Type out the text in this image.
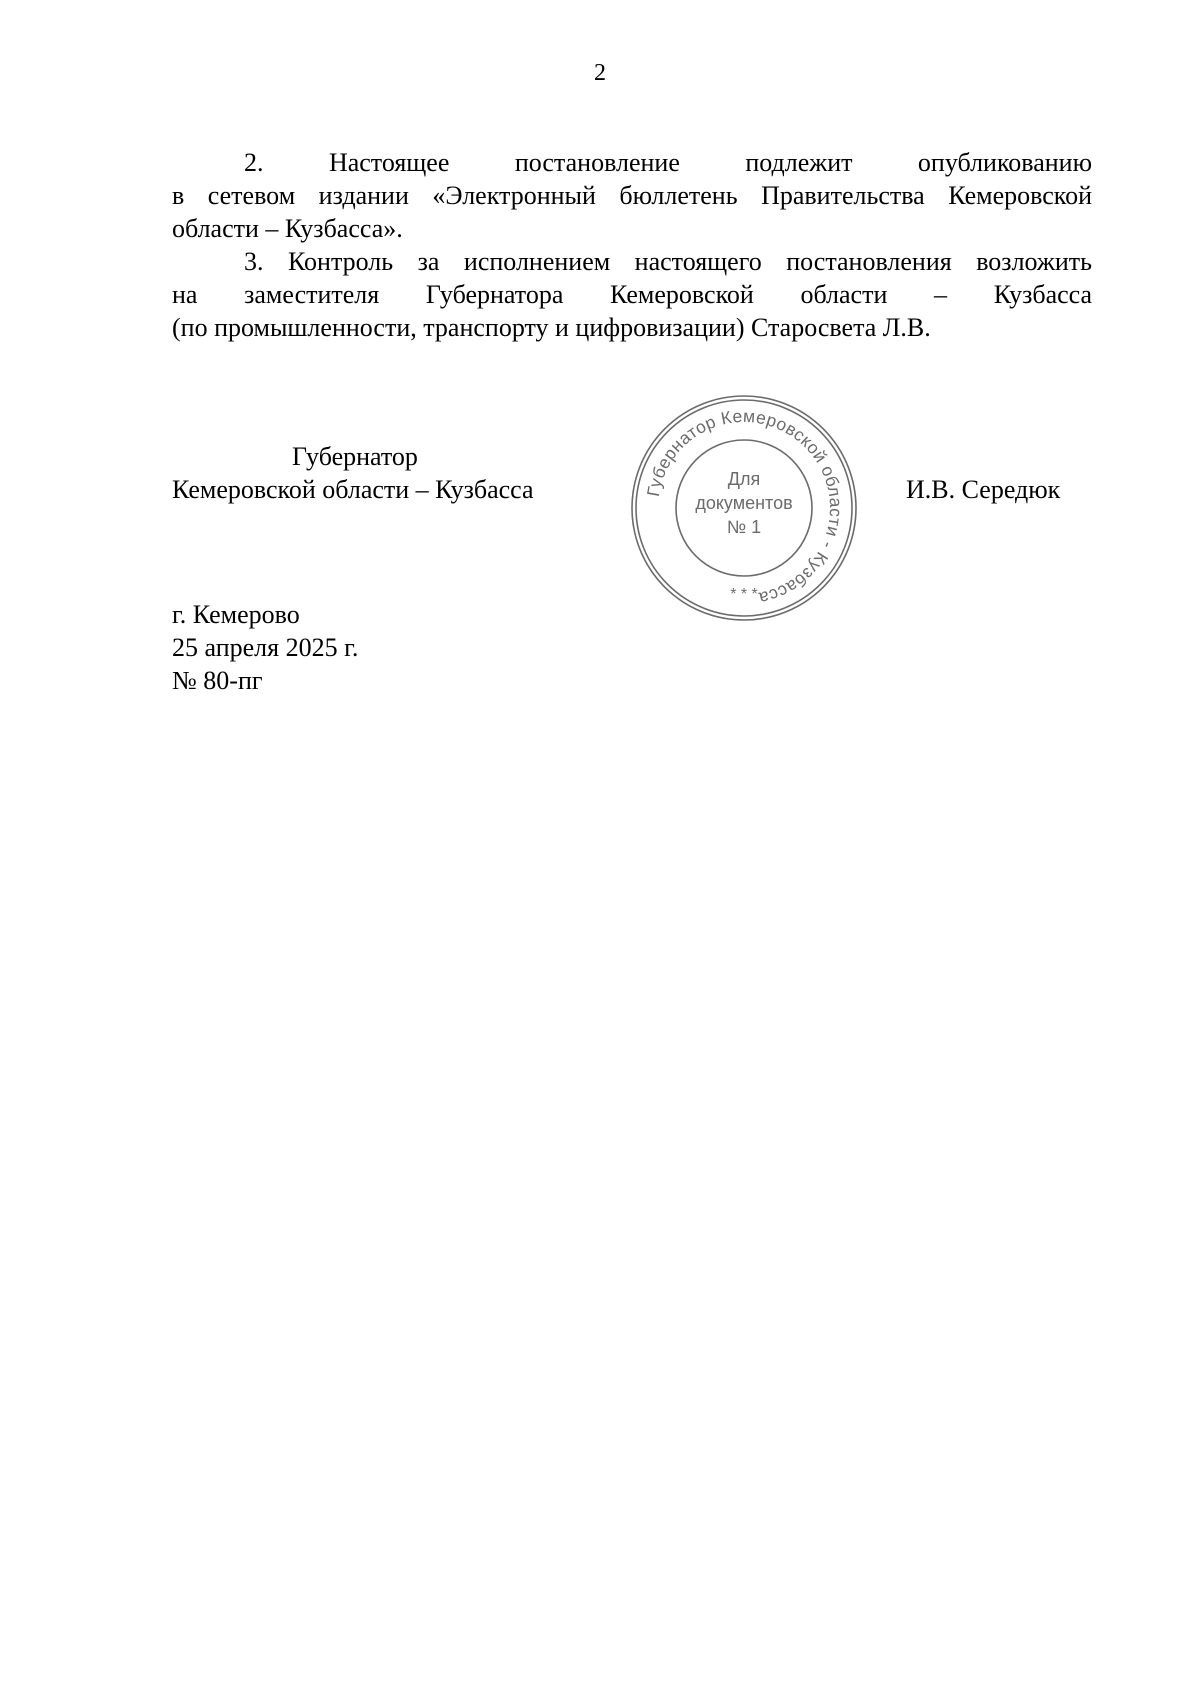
2

2.	Настоящее	постановление	подлежит	опубликованию
в сетевом издании «Электронный бюллетень Правительства Кемеровской
области – Кузбасса».

3. Контроль за исполнением настоящего постановления возложить
на заместителя Губернатора Кемеровской области – Кузбасса
(по промышленности, транспорту и цифровизации) Старосвета Л.В.

Губернатор
Кемеровской области – Кузбасса	Губернатор Кемеровской области - Кузбасса
Для
документов
№ 1
* * *
И.В. Середюк
г. Кемерово
25 апреля 2025 г.
№ 80-пг
